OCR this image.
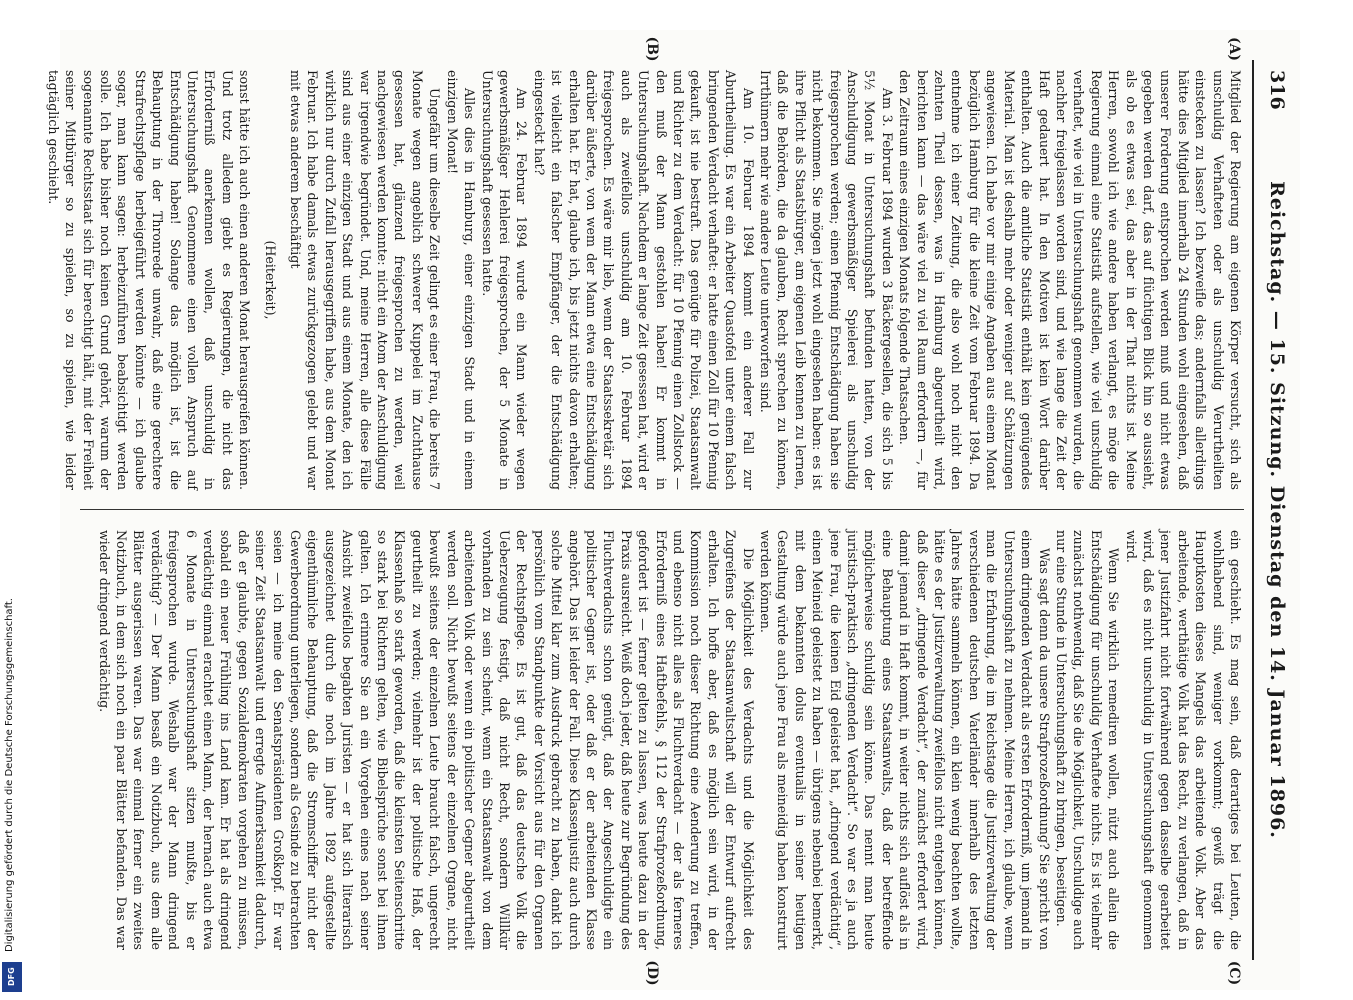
316
Reichstag. — 15. Sitzung. Dienstag den 14. Januar 1896.
(A)
(B)
(C)
(D)

Mitglied der Regierung am eigenen Körper versucht, sich als unschuldig Verhafteten oder als unschuldig Verurtheilten einstecken zu lassen? Ich bezweifle das; andernfalls allerdings hätte dies Mitglied innerhalb 24 Stunden wohl eingesehen, daß unserer Forderung entsprochen werden muß und nicht etwas gegeben werden darf, das auf flüchtigen Blick hin so aussieht, als ob es etwas sei, das aber in der That nichts ist. Meine Herren, sowohl ich wie andere haben verlangt, es möge die Regierung einmal eine Statistik aufstellen, wie viel unschuldig verhaftet, wie viel in Untersuchungshaft genommen wurden, die nachher freigelassen worden sind, und wie lange die Zeit der Haft gedauert hat. In den Motiven ist kein Wort darüber enthalten. Auch die amtliche Statistik enthält kein genügendes Material. Man ist deshalb mehr oder weniger auf Schätzungen angewiesen. Ich habe vor mir einige Angaben aus einem Monat bezüglich Hamburg für die kleine Zeit vom Februar 1894. Da entnehme ich einer Zeitung, die also wohl noch nicht den zehnten Theil dessen, was in Hamburg abgeurtheilt wird, berichten kann — das wäre viel zu viel Raum erfordern —, für den Zeitraum eines einzigen Monats folgende Thatsachen.

Am 3. Februar 1894 wurden 3 Bäckergesellen, die sich 5 bis 5½ Monat in Untersuchungshaft befunden hatten, von der Anschuldigung gewerbsmäßiger Spielerei als unschuldig freigesprochen werden; einen Pfennig Entschädigung haben sie nicht bekommen. Sie mögen jetzt wohl eingesehen haben: es ist ihre Pflicht als Staatsbürger, am eigenen Leib kennen zu lernen, daß die Behörden, die da glauben, Recht sprechen zu können, Irrthümern mehr wie andere Leute unterworfen sind.

Am 10. Februar 1894 kommt ein anderer Fall zur Aburtheilung. Es war ein Arbeiter Quastofel unter einem falsch bringenden Verdacht verhaftet: er hatte einen Zoll für 10 Pfennig gekauft, ist nie bestraft. Das genügte für Polizei, Staatsanwalt und Richter zu dem Verdacht: für 10 Pfennig einen Zollstock — den muß der Mann gestohlen haben! Er kommt in Untersuchungshaft. Nachdem er lange Zeit gesessen hat, wird er auch als zweifellos unschuldig am 10. Februar 1894 freigesprochen. Es wäre mir lieb, wenn der Staatssekretär sich darüber äußerte, von wem der Mann etwa eine Entschädigung erhalten hat. Er hat, glaube ich, bis jetzt nichts davon erhalten; ist vielleicht ein falscher Empfänger, der die Entschädigung eingesteckt hat?

Am 24. Februar 1894 wurde ein Mann wieder wegen gewerbsmäßiger Hehlerei freigesprochen, der 5 Monate in Untersuchungshaft gesessen hatte.

Alles dies in Hamburg, einer einzigen Stadt und in einem einzigen Monat!

Ungefähr um dieselbe Zeit gelingt es einer Frau, die bereits 7 Monate wegen angeblich schwerer Kuppelei im Zuchthause gesessen hat, glänzend freigesprochen zu werden, weil nachgewiesen werden konnte: nicht ein Atom der Anschuldigung war irgendwie begründet. Und, meine Herren, alle diese Fälle sind aus einer einzigen Stadt und aus einem Monate, den ich wirklich nur durch Zufall herausgegriffen habe, aus dem Monat Februar. Ich habe damals etwas zurückgezogen gelebt und war mit etwas anderem beschäftigt

(Heiterkeit),

sonst hätte ich auch einen anderen Monat herausgreifen können. Und trotz alledem giebt es Regierungen, die nicht das Erforderniß anerkennen wollen, daß unschuldig in Untersuchungshaft Genommene einen vollen Anspruch auf Entschädigung haben! Solange das möglich ist, ist die Behauptung in der Thronrede unwahr, daß eine gerechtere Strafrechtspflege herbeigeführt werden könnte — ich glaube sogar, man kann sagen: herbeizuführen beabsichtigt werden solle. Ich habe bisher noch keinen Grund gehört, warum der sogenannte Rechtsstaat sich für berechtigt hält, mit der Freiheit seiner Mitbürger so zu spielen, so zu spielen, wie leider tagtäglich geschieht.

ein geschieht. Es mag sein, daß derartiges bei Leuten, die wohlhabend sind, weniger vorkommt; gewiß trägt die Hauptkosten dieses Mangels das arbeitende Volk. Aber das arbeitende, werthätige Volk hat das Recht, zu verlangen, daß in jener Justizfahrt nicht fortwährend gegen dasselbe gearbeitet wird, daß es nicht unschuldig in Untersuchungshaft genommen wird.

Wenn Sie wirklich remediren wollen, nützt auch allein die Entschädigung für unschuldig Verhaftete nichts. Es ist vielmehr zunächst nothwendig, daß Sie die Möglichkeit, Unschuldige auch nur eine Stunde in Untersuchungshaft zu bringen, beseitigen.

Was sagt denn da unsere Strafprozeßordnung? Sie spricht von einem dringenden Verdacht als ersten Erforderniß, um jemand in Untersuchungshaft zu nehmen. Meine Herren, ich glaube, wenn man die Erfahrung, die im Reichstage die Justizverwaltung der verschiedenen deutschen Vaterländer innerhalb des letzten Jahres hätte sammeln können, ein klein wenig beachten wollte, hätte es der Justizverwaltung zweifellos nicht entgehen können, daß dieser „dringende Verdacht“, der zunächst erfordert wird, damit jemand in Haft kommt, in weiter nichts sich auflöst als in eine Behauptung eines Staatsanwalts, daß der betreffende möglicherweise schuldig sein könne. Das nennt man heute juristisch-praktisch „dringenden Verdacht“. So war es ja auch jene Frau, die keinen Eid geleistet hat, „dringend verdächtig“, einen Meineid geleistet zu haben — übrigens nebenbei bemerkt, mit dem bekannten dolus eventualis in seiner heutigen Gestaltung würde auch jene Frau als meineidig haben konstruirt werden können.

Die Möglichkeit des Verdachts und die Möglichkeit des Zugreifens der Staatsanwaltschaft will der Entwurf aufrecht erhalten. Ich hoffe aber, daß es möglich sein wird, in der Kommission noch dieser Richtung eine Aenderung zu treffen, und ebenso nicht alles als Fluchtverdacht — der als ferneres Erforderniß eines Haftbefehls, § 112 der Strafprozeßordnung, gefordert ist — ferner gelten zu lassen, was heute dazu in der Praxis ausreicht. Weiß doch jeder, daß heute zur Begründung des Fluchtverdachts schon genügt, daß der Angeschuldigte ein politischer Gegner ist, oder daß er der arbeitenden Klasse angehört. Das ist leider der Fall. Diese Klassenjustiz auch durch solche Mittel klar zum Ausdruck gebracht zu haben, dankt ich persönlich vom Standpunkte der Vorsicht aus für den Organen der Rechtspflege. Es ist gut, daß das deutsche Volk die Ueberzeugung festigt, daß nicht Recht, sondern Willkür vorhanden zu sein scheint, wenn ein Staatsanwalt von dem arbeitenden Volk oder wenn ein politischer Gegner abgeurtheilt werden soll. Nicht bewußt seitens der einzelnen Organe, nicht bewußt seitens der einzelnen Leute braucht falsch, ungerecht geurtheilt zu werden; vielmehr ist der politische Haß, der Klassenhaß so stark geworden, daß die kleinsten Seitenschritte so stark bei Richtern gelten, wie Bibelsprüche sonst bei ihnen galten. Ich erinnere Sie an ein Vorgehen eines nach seiner Ansicht zweifellos begabten Juristen — er hat sich literarisch ausgezeichnet durch die noch im Jahre 1892 aufgestellte eigenthümliche Behauptung, daß die Stromschiffer nicht der Gewerbeordnung unterliegen, sondern als Gesinde zu betrachten seien — ich meine den Senatspräsidenten Großkopf. Er war seiner Zeit Staatsanwalt und erregte Aufmerksamkeit dadurch, daß er glaubte, gegen Sozialdemokraten vorgehen zu müssen, sobald ein neuer Frühling ins Land kam. Er hat als dringend verdächtig einmal erachtet einen Mann, der hernach auch etwa 6 Monate in Untersuchungshaft sitzen mußte, bis er freigesprochen wurde. Weshalb war der Mann dringend verdächtig? — Der Mann besaß ein Notizbuch, aus dem alle Blätter ausgerissen waren. Das war einmal ferner ein zweites Notizbuch, in dem sich noch ein paar Blätter befanden. Das war wieder dringend verdächtig.

Digitalisierung gefördert durch die Deutsche Forschungsgemeinschaft.
DFG
